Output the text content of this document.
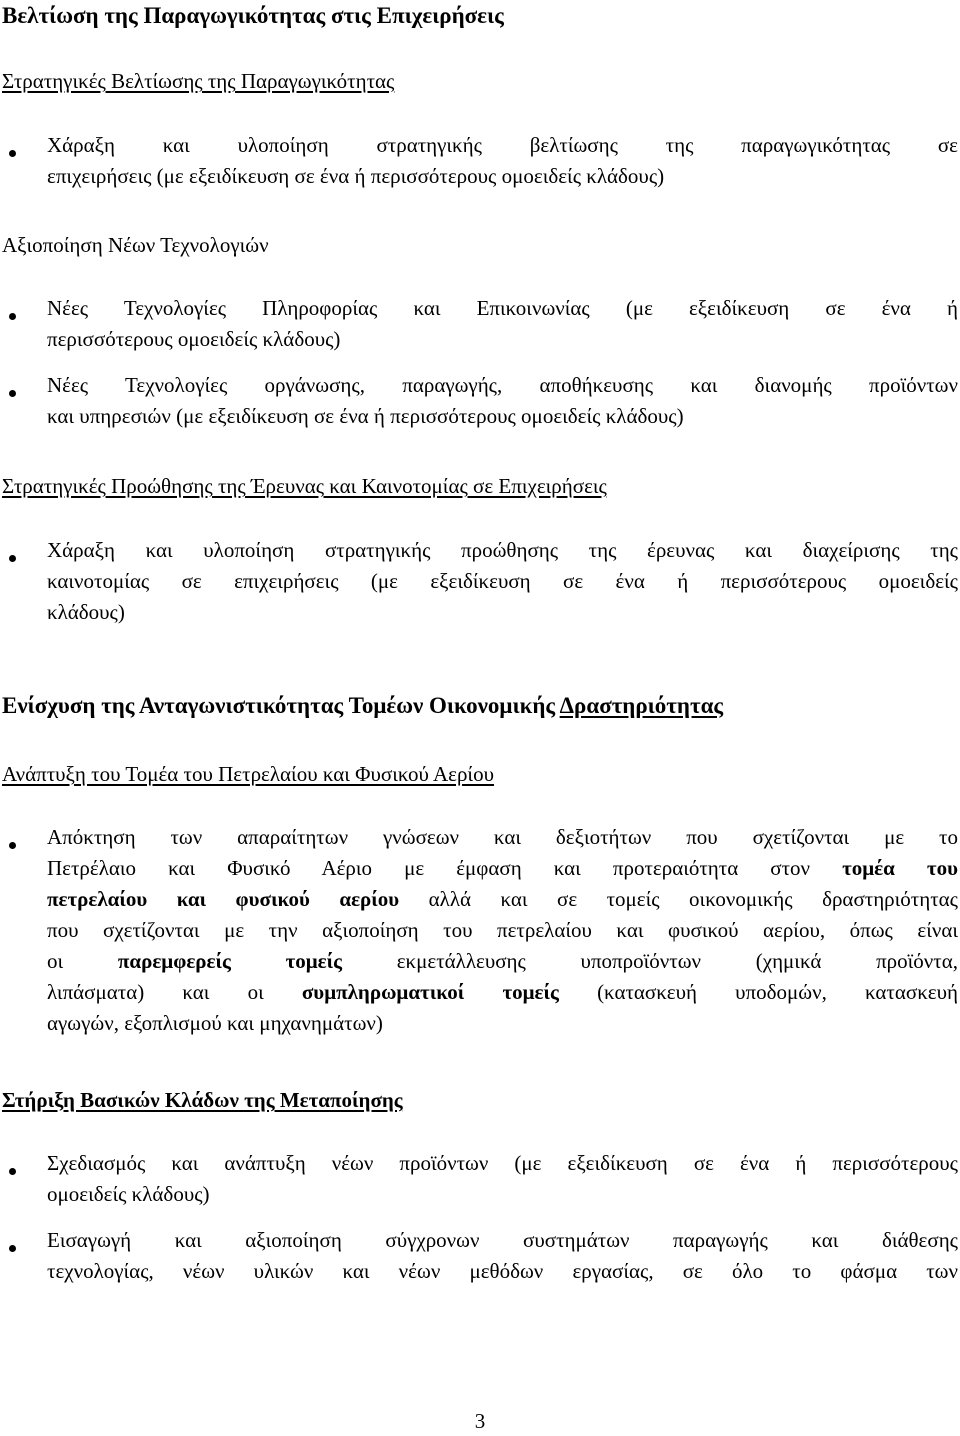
Βελτίωση της Παραγωγικότητας στις Επιχειρήσεις
Στρατηγικές Βελτίωσης της Παραγωγικότητας
Χάραξη και υλοποίηση στρατηγικής βελτίωσης της παραγωγικότητας σε
επιχειρήσεις (με εξειδίκευση σε ένα ή περισσότερους ομοειδείς κλάδους)
Αξιοποίηση Νέων Τεχνολογιών
Νέες Τεχνολογίες Πληροφορίας και Επικοινωνίας (με εξειδίκευση σε ένα ή
περισσότερους ομοειδείς κλάδους)
Νέες Τεχνολογίες οργάνωσης, παραγωγής, αποθήκευσης και διανομής προϊόντων
και υπηρεσιών (με εξειδίκευση σε ένα ή περισσότερους ομοειδείς κλάδους)
Στρατηγικές Προώθησης της Έρευνας και Καινοτομίας σε Επιχειρήσεις
Χάραξη και υλοποίηση στρατηγικής προώθησης της έρευνας και διαχείρισης της
καινοτομίας σε επιχειρήσεις (με εξειδίκευση σε ένα ή περισσότερους ομοειδείς
κλάδους)
Ενίσχυση της Ανταγωνιστικότητας Τομέων Οικονομικής Δραστηριότητας
Ανάπτυξη του Τομέα του Πετρελαίου και Φυσικού Αερίου
Απόκτηση των απαραίτητων γνώσεων και δεξιοτήτων που σχετίζονται με το
Πετρέλαιο και Φυσικό Αέριο με έμφαση και προτεραιότητα στον τομέα του
πετρελαίου και φυσικού αερίου αλλά και σε τομείς οικονομικής δραστηριότητας
που σχετίζονται με την αξιοποίηση του πετρελαίου και φυσικού αερίου, όπως είναι
οι παρεμφερείς τομείς εκμετάλλευσης υποπροϊόντων (χημικά προϊόντα,
λιπάσματα) και οι συμπληρωματικοί τομείς (κατασκευή υποδομών, κατασκευή
αγωγών, εξοπλισμού και μηχανημάτων)
Στήριξη Βασικών Κλάδων της Μεταποίησης
Σχεδιασμός και ανάπτυξη νέων προϊόντων (με εξειδίκευση σε ένα ή περισσότερους
ομοειδείς κλάδους)
Εισαγωγή και αξιοποίηση σύγχρονων συστημάτων παραγωγής και διάθεσης
τεχνολογίας, νέων υλικών και νέων μεθόδων εργασίας, σε όλο το φάσμα των
3
